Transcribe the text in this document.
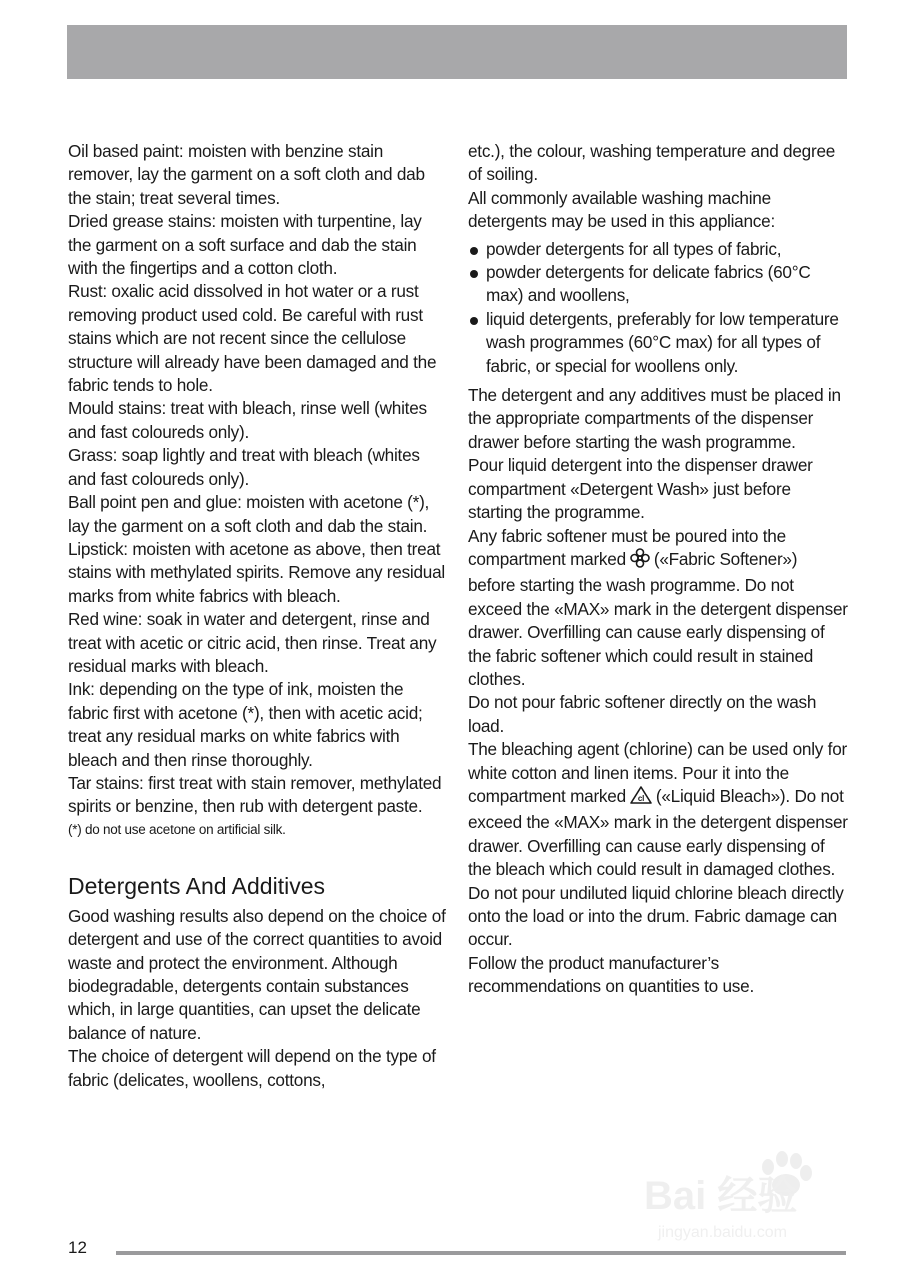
Oil based paint: moisten with benzine stain remover, lay the garment on a soft cloth and dab the stain; treat several times.

Dried grease stains: moisten with turpentine, lay the garment on a soft surface and dab the stain with the fingertips and a cotton cloth.

Rust: oxalic acid dissolved in hot water or a rust removing product used cold. Be careful with rust stains which are not recent since the cellulose structure will already have been damaged and the fabric tends to hole.

Mould stains: treat with bleach, rinse well (whites and fast coloureds only).

Grass: soap lightly and treat with bleach (whites and fast coloureds only).

Ball point pen and glue: moisten with acetone (*), lay the garment on a soft cloth and dab the stain.

Lipstick: moisten with acetone as above, then treat stains with methylated spirits. Remove any residual marks from white fabrics with bleach.

Red wine: soak in water and detergent, rinse and treat with acetic or citric acid, then rinse. Treat any residual marks with bleach.

Ink: depending on the type of ink, moisten the fabric first with acetone (*), then with acetic acid; treat any residual marks on white fabrics with bleach and then rinse thoroughly.

Tar stains: first treat with stain remover, methylated spirits or benzine, then rub with detergent paste.

(*) do not use acetone on artificial silk.

Detergents And Additives

Good washing results also depend on the choice of detergent and use of the correct quantities to avoid waste and protect the environment. Although biodegradable, detergents contain substances which, in large quantities, can upset the delicate balance of nature.

The choice of detergent will depend on the type of fabric (delicates, woollens, cottons,

etc.), the colour, washing temperature and degree of soiling.

All commonly available washing machine detergents may be used in this appliance:

powder detergents for all types of fabric,
powder detergents for delicate fabrics (60°C max) and woollens,
liquid detergents, preferably for low temperature wash programmes (60°C max) for all types of fabric, or special for woollens only.

The detergent and any additives must be placed in the appropriate compartments of the dispenser drawer before starting the wash programme.

Pour liquid detergent into the dispenser drawer compartment «Detergent Wash» just before starting the programme.

Any fabric softener must be poured into the compartment marked («Fabric Softener») before starting the wash programme. Do not exceed the «MAX» mark in the detergent dispenser drawer. Overfilling can cause early dispensing of the fabric softener which could result in stained clothes.

Do not pour fabric softener directly on the wash load.

The bleaching agent (chlorine) can be used only for white cotton and linen items. Pour it into the compartment marked cl («Liquid Bleach»). Do not exceed the «MAX» mark in the detergent dispenser drawer. Overfilling can cause early dispensing of the bleach which could result in damaged clothes.

Do not pour undiluted liquid chlorine bleach directly onto the load or into the drum. Fabric damage can occur.

Follow the product manufacturer’s recommendations on quantities to use.

Bai 经验
jingyan.baidu.com
12
